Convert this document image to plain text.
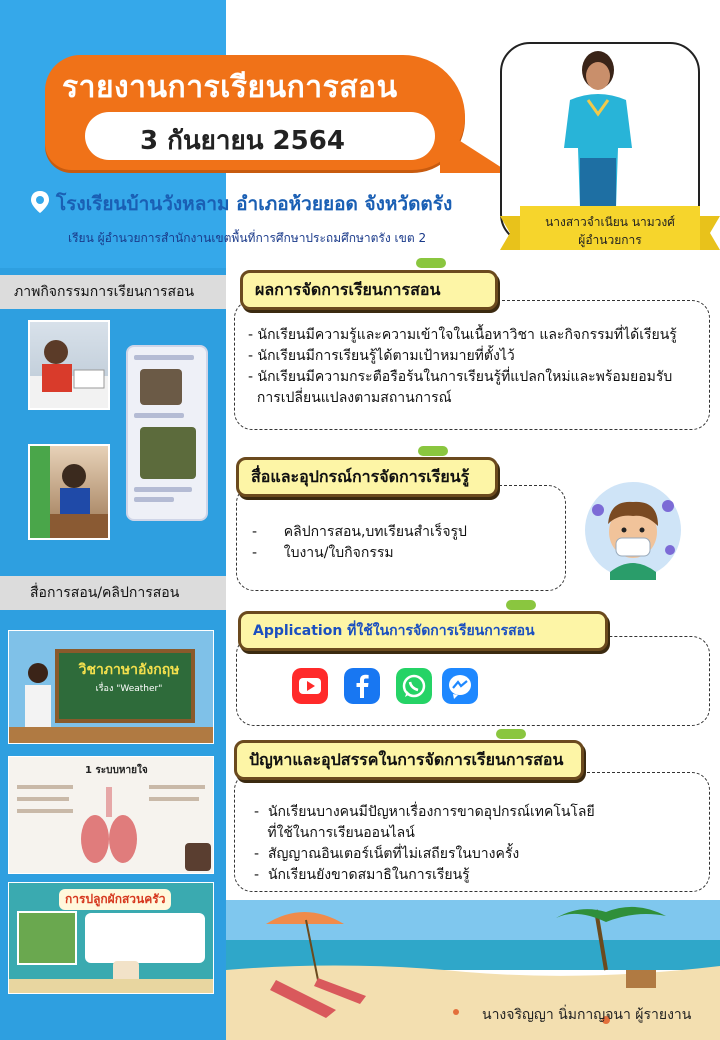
รายงานการเรียนการสอน
3 กันยายน 2564
นางสาวจำเนียน นามวงศ์
ผู้อำนวยการ
โรงเรียนบ้านวังหลาม อำเภอห้วยยอด จังหวัดตรัง
เรียน ผู้อำนวยการสำนักงานเขตพื้นที่การศึกษาประถมศึกษาตรัง เขต 2
ภาพกิจกรรมการเรียนการสอน
สื่อการสอน/คลิปการสอน
วิชาภาษาอังกฤษ
เรื่อง "Weather"
1 ระบบหายใจ
การปลูกผักสวนครัว
ผลการจัดการเรียนการสอน
- นักเรียนมีความรู้และความเข้าใจในเนื้อหาวิชา และกิจกรรมที่ได้เรียนรู้
- นักเรียนมีการเรียนรู้ได้ตามเป้าหมายที่ตั้งไว้
- นักเรียนมีความกระตือรือร้นในการเรียนรู้ที่แปลกใหม่และพร้อมยอมรับ
การเปลี่ยนแปลงตามสถานการณ์
สื่อและอุปกรณ์การจัดการเรียนรู้
-      คลิปการสอน,บทเรียนสำเร็จรูป
-      ใบงาน/ใบกิจกรรม
Application ที่ใช้ในการจัดการเรียนการสอน
ปัญหาและอุปสรรคในการจัดการเรียนการสอน
-  นักเรียนบางคนมีปัญหาเรื่องการขาดอุปกรณ์เทคโนโลยี
ที่ใช้ในการเรียนออนไลน์
-  สัญญาณอินเตอร์เน็ตที่ไม่เสถียรในบางครั้ง
-  นักเรียนยังขาดสมาธิในการเรียนรู้
นางจริญญา นิ่มกาญจนา ผู้รายงาน
